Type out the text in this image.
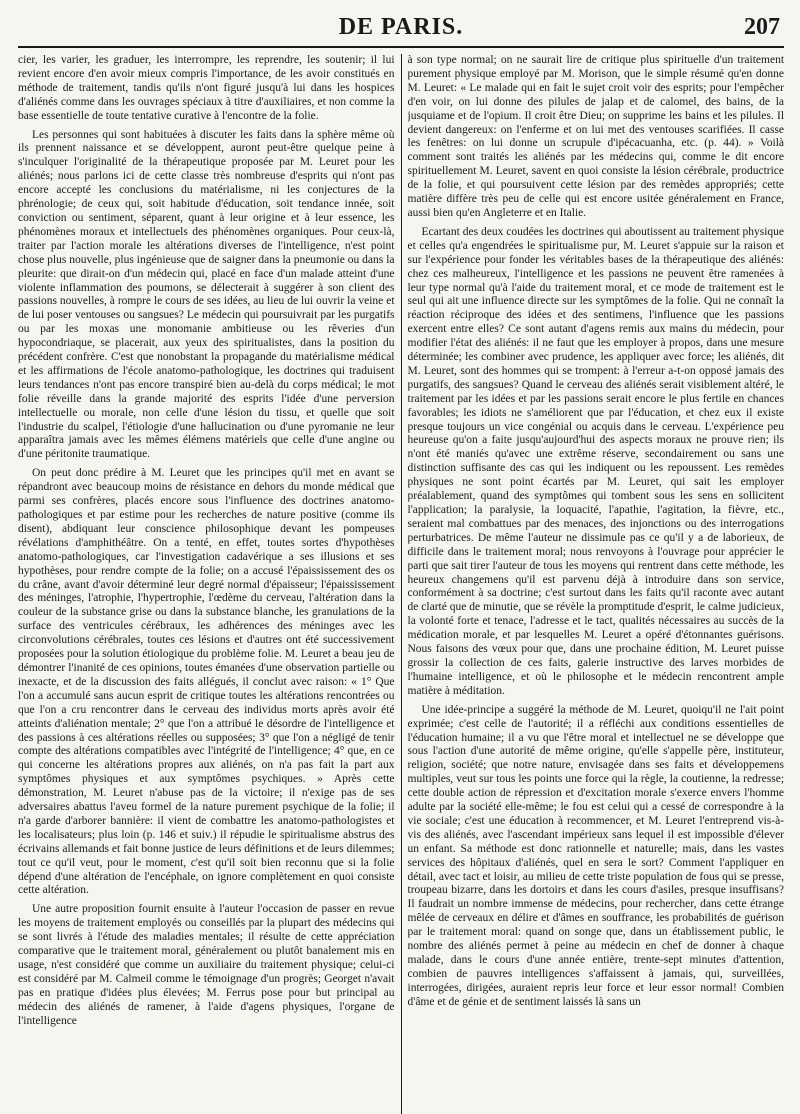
DE PARIS.	207

cier, les varier, les graduer, les interrompre, les reprendre, les soutenir; il lui revient encore d'en avoir mieux compris l'importance, de les avoir constitués en méthode de traitement, tandis qu'ils n'ont figuré jusqu'à lui dans les hospices d'aliénés comme dans les ouvrages spéciaux à titre d'auxiliaires, et non comme la base essentielle de toute tentative curative à l'encontre de la folie.

Les personnes qui sont habituées à discuter les faits dans la sphère même où ils prennent naissance et se développent, auront peut-être quelque peine à s'inculquer l'originalité de la thérapeutique proposée par M. Leuret pour les aliénés; nous parlons ici de cette classe très nombreuse d'esprits qui n'ont pas encore accepté les conclusions du matérialisme, ni les conjectures de la phrénologie; de ceux qui, soit habitude d'éducation, soit tendance innée, soit conviction ou sentiment, séparent, quant à leur origine et à leur essence, les phénomènes moraux et intellectuels des phénomènes organiques. Pour ceux-là, traiter par l'action morale les altérations diverses de l'intelligence, n'est point chose plus nouvelle, plus ingénieuse que de saigner dans la pneumonie ou dans la pleurite: que dirait-on d'un médecin qui, placé en face d'un malade atteint d'une violente inflammation des poumons, se délecterait à suggérer à son client des passions nouvelles, à rompre le cours de ses idées, au lieu de lui ouvrir la veine et de lui poser ventouses ou sangsues? Le médecin qui poursuivrait par les purgatifs ou par les moxas une monomanie ambitieuse ou les rêveries d'un hypocondriaque, se placerait, aux yeux des spiritualistes, dans la position du précédent confrère. C'est que nonobstant la propagande du matérialisme médical et les affirmations de l'école anatomo-pathologique, les doctrines qui traduisent leurs tendances n'ont pas encore transpiré bien au-delà du corps médical; le mot folie réveille dans la grande majorité des esprits l'idée d'une perversion intellectuelle ou morale, non celle d'une lésion du tissu, et quelle que soit l'industrie du scalpel, l'étiologie d'une hallucination ou d'une pyromanie ne leur apparaîtra jamais avec les mêmes élémens matériels que celle d'une angine ou d'une péritonite traumatique.

On peut donc prédire à M. Leuret que les principes qu'il met en avant se répandront avec beaucoup moins de résistance en dehors du monde médical que parmi ses confrères, placés encore sous l'influence des doctrines anatomo-pathologiques et par estime pour les recherches de nature positive (comme ils disent), abdiquant leur conscience philosophique devant les pompeuses révélations d'amphithéâtre. On a tenté, en effet, toutes sortes d'hypothèses anatomo-pathologiques, car l'investigation cadavérique a ses illusions et ses hypothèses, pour rendre compte de la folie; on a accusé l'épaississement des os du crâne, avant d'avoir déterminé leur degré normal d'épaisseur; l'épaississement des méninges, l'atrophie, l'hypertrophie, l'œdème du cerveau, l'altération dans la couleur de la substance grise ou dans la substance blanche, les granulations de la surface des ventricules cérébraux, les adhérences des méninges avec les circonvolutions cérébrales, toutes ces lésions et d'autres ont été successivement proposées pour la solution étiologique du problème folie. M. Leuret a beau jeu de démontrer l'inanité de ces opinions, toutes émanées d'une observation partielle ou inexacte, et de la discussion des faits allégués, il conclut avec raison: « 1° Que l'on a accumulé sans aucun esprit de critique toutes les altérations rencontrées ou que l'on a cru rencontrer dans le cerveau des individus morts après avoir été atteints d'aliénation mentale; 2° que l'on a attribué le désordre de l'intelligence et des passions à ces altérations réelles ou supposées; 3° que l'on a négligé de tenir compte des altérations compatibles avec l'intégrité de l'intelligence; 4° que, en ce qui concerne les altérations propres aux aliénés, on n'a pas fait la part aux symptômes physiques et aux symptômes psychiques. » Après cette démonstration, M. Leuret n'abuse pas de la victoire; il n'exige pas de ses adversaires abattus l'aveu formel de la nature purement psychique de la folie; il n'a garde d'arborer bannière: il vient de combattre les anatomo-pathologistes et les localisateurs; plus loin (p. 146 et suiv.) il répudie le spiritualisme abstrus des écrivains allemands et fait bonne justice de leurs définitions et de leurs dilemmes; tout ce qu'il veut, pour le moment, c'est qu'il soit bien reconnu que si la folie dépend d'une altération de l'encéphale, on ignore complètement en quoi consiste cette altération.

Une autre proposition fournit ensuite à l'auteur l'occasion de passer en revue les moyens de traitement employés ou conseillés par la plupart des médecins qui se sont livrés à l'étude des maladies mentales; il résulte de cette appréciation comparative que le traitement moral, généralement ou plutôt banalement mis en usage, n'est considéré que comme un auxiliaire du traitement physique; celui-ci est considéré par M. Calmeil comme le témoignage d'un progrès; Georget n'avait pas en pratique d'idées plus élevées; M. Ferrus pose pour but principal au médecin des aliénés de ramener, à l'aide d'agens physiques, l'organe de l'intelligence

à son type normal; on ne saurait lire de critique plus spirituelle d'un traitement purement physique employé par M. Morison, que le simple résumé qu'en donne M. Leuret: « Le malade qui en fait le sujet croit voir des esprits; pour l'empêcher d'en voir, on lui donne des pilules de jalap et de calomel, des bains, de la jusquiame et de l'opium. Il croit être Dieu; on supprime les bains et les pilules. Il devient dangereux: on l'enferme et on lui met des ventouses scarifiées. Il casse les fenêtres: on lui donne un scrupule d'ipécacuanha, etc. (p. 44). » Voilà comment sont traités les aliénés par les médecins qui, comme le dit encore spirituellement M. Leuret, savent en quoi consiste la lésion cérébrale, productrice de la folie, et qui poursuivent cette lésion par des remèdes appropriés; cette matière diffère très peu de celle qui est encore usitée généralement en France, aussi bien qu'en Angleterre et en Italie.

Ecartant des deux coudées les doctrines qui aboutissent au traitement physique et celles qu'a engendrées le spiritualisme pur, M. Leuret s'appuie sur la raison et sur l'expérience pour fonder les véritables bases de la thérapeutique des aliénés: chez ces malheureux, l'intelligence et les passions ne peuvent être ramenées à leur type normal qu'à l'aide du traitement moral, et ce mode de traitement est le seul qui ait une influence directe sur les symptômes de la folie. Qui ne connaît la réaction réciproque des idées et des sentimens, l'influence que les passions exercent entre elles? Ce sont autant d'agens remis aux mains du médecin, pour modifier l'état des aliénés: il ne faut que les employer à propos, dans une mesure déterminée; les combiner avec prudence, les appliquer avec force; les aliénés, dit M. Leuret, sont des hommes qui se trompent: à l'erreur a-t-on opposé jamais des purgatifs, des sangsues? Quand le cerveau des aliénés serait visiblement altéré, le traitement par les idées et par les passions serait encore le plus fertile en chances favorables; les idiots ne s'améliorent que par l'éducation, et chez eux il existe presque toujours un vice congénial ou acquis dans le cerveau. L'expérience peu heureuse qu'on a faite jusqu'aujourd'hui des aspects moraux ne prouve rien; ils n'ont été maniés qu'avec une extrême réserve, secondairement ou sans une distinction suffisante des cas qui les indiquent ou les repoussent. Les remèdes physiques ne sont point écartés par M. Leuret, qui sait les employer préalablement, quand des symptômes qui tombent sous les sens en sollicitent l'application; la paralysie, la loquacité, l'apathie, l'agitation, la fièvre, etc., seraient mal combattues par des menaces, des injonctions ou des interrogations perturbatrices. De même l'auteur ne dissimule pas ce qu'il y a de laborieux, de difficile dans le traitement moral; nous renvoyons à l'ouvrage pour apprécier le parti que sait tirer l'auteur de tous les moyens qui rentrent dans cette méthode, les heureux changemens qu'il est parvenu déjà à introduire dans son service, conformément à sa doctrine; c'est surtout dans les faits qu'il raconte avec autant de clarté que de minutie, que se révèle la promptitude d'esprit, le calme judicieux, la volonté forte et tenace, l'adresse et le tact, qualités nécessaires au succès de la médication morale, et par lesquelles M. Leuret a opéré d'étonnantes guérisons. Nous faisons des vœux pour que, dans une prochaine édition, M. Leuret puisse grossir la collection de ces faits, galerie instructive des larves morbides de l'humaine intelligence, et où le philosophe et le médecin rencontrent ample matière à méditation.

Une idée-principe a suggéré la méthode de M. Leuret, quoiqu'il ne l'ait point exprimée; c'est celle de l'autorité; il a réfléchi aux conditions essentielles de l'éducation humaine; il a vu que l'être moral et intellectuel ne se développe que sous l'action d'une autorité de même origine, qu'elle s'appelle père, instituteur, religion, société; que notre nature, envisagée dans ses faits et développemens multiples, veut sur tous les points une force qui la règle, la coutienne, la redresse; cette double action de répression et d'excitation morale s'exerce envers l'homme adulte par la société elle-même; le fou est celui qui a cessé de correspondre à la vie sociale; c'est une éducation à recommencer, et M. Leuret l'entreprend vis-à-vis des aliénés, avec l'ascendant impérieux sans lequel il est impossible d'élever un enfant. Sa méthode est donc rationnelle et naturelle; mais, dans les vastes services des hôpitaux d'aliénés, quel en sera le sort? Comment l'appliquer en détail, avec tact et loisir, au milieu de cette triste population de fous qui se presse, troupeau bizarre, dans les dortoirs et dans les cours d'asiles, presque insuffisans? Il faudrait un nombre immense de médecins, pour rechercher, dans cette étrange mêlée de cerveaux en délire et d'âmes en souffrance, les probabilités de guérison par le traitement moral: quand on songe que, dans un établissement public, le nombre des aliénés permet à peine au médecin en chef de donner à chaque malade, dans le cours d'une année entière, trente-sept minutes d'attention, combien de pauvres intelligences s'affaissent à jamais, qui, surveillées, interrogées, dirigées, auraient repris leur force et leur essor normal! Combien d'âme et de génie et de sentiment laissés là sans un
